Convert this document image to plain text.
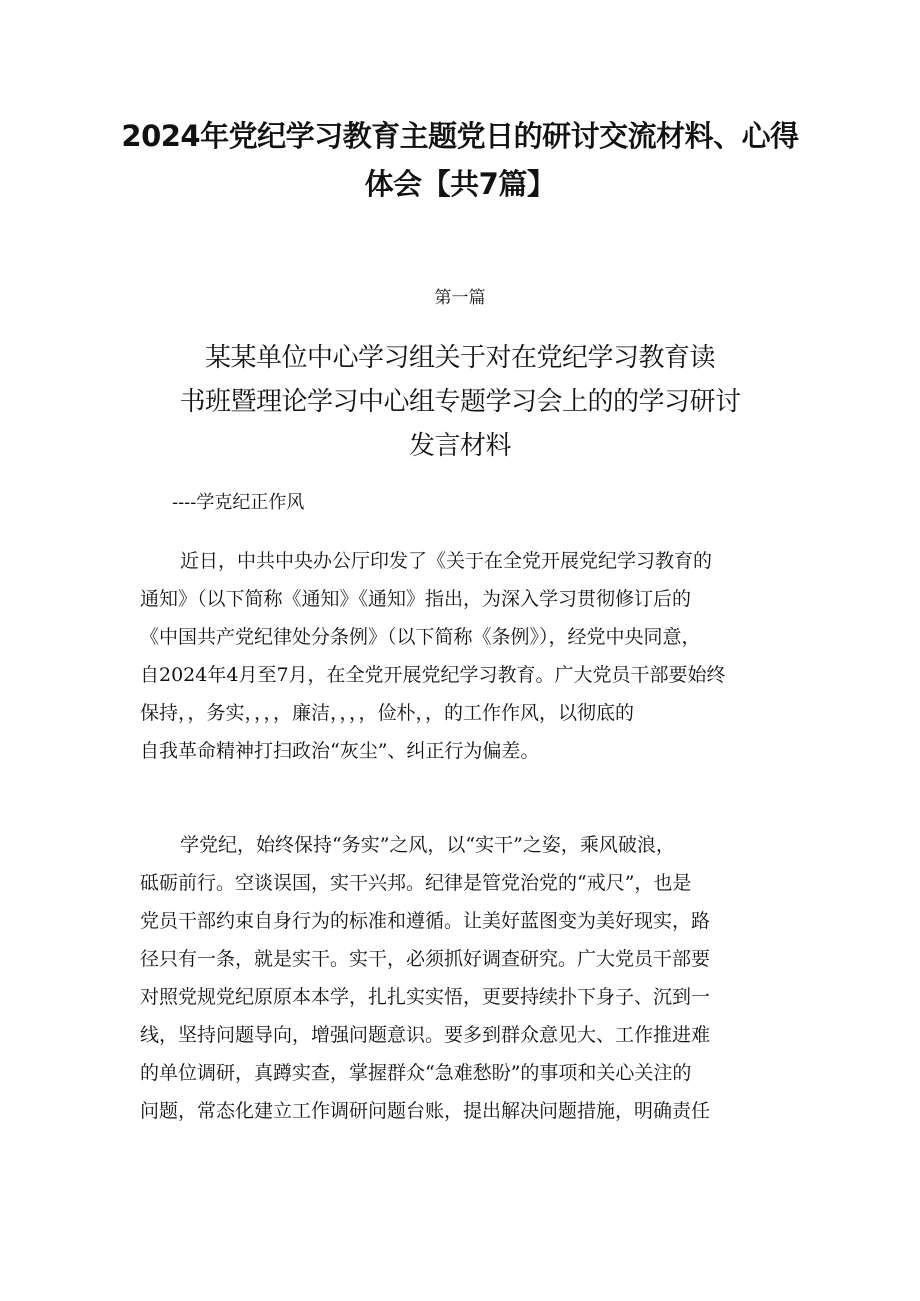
2024年党纪学习教育主题党日的研讨交流材料、心得
体会【共7篇】
第一篇
某某单位中心学习组关于对在党纪学习教育读
书班暨理论学习中心组专题学习会上的的学习研讨
发言材料
----学克纪正作风

近日，中共中央办公厅印发了《关于在全党开展党纪学习教育的
通知》（以下简称《通知》《通知》指出，为深入学习贯彻修订后的
《中国共产党纪律处分条例》（以下简称《条例》），经党中央同意，
自2024年4月至7月，在全党开展党纪学习教育。广大党员干部要始终
保持，，务实，，，，廉洁，，，，俭朴，，的工作作风，以彻底的
自我革命精神打扫政治“灰尘”、纠正行为偏差。

学党纪，始终保持“务实”之风，以“实干”之姿，乘风破浪，
砥砺前行。空谈误国，实干兴邦。纪律是管党治党的“戒尺”，也是
党员干部约束自身行为的标准和遵循。让美好蓝图变为美好现实，路
径只有一条，就是实干。实干，必须抓好调查研究。广大党员干部要
对照党规党纪原原本本学，扎扎实实悟，更要持续扑下身子、沉到一
线，坚持问题导向，增强问题意识。要多到群众意见大、工作推进难
的单位调研，真蹲实查，掌握群众“急难愁盼”的事项和关心关注的
问题，常态化建立工作调研问题台账，提出解决问题措施，明确责任
